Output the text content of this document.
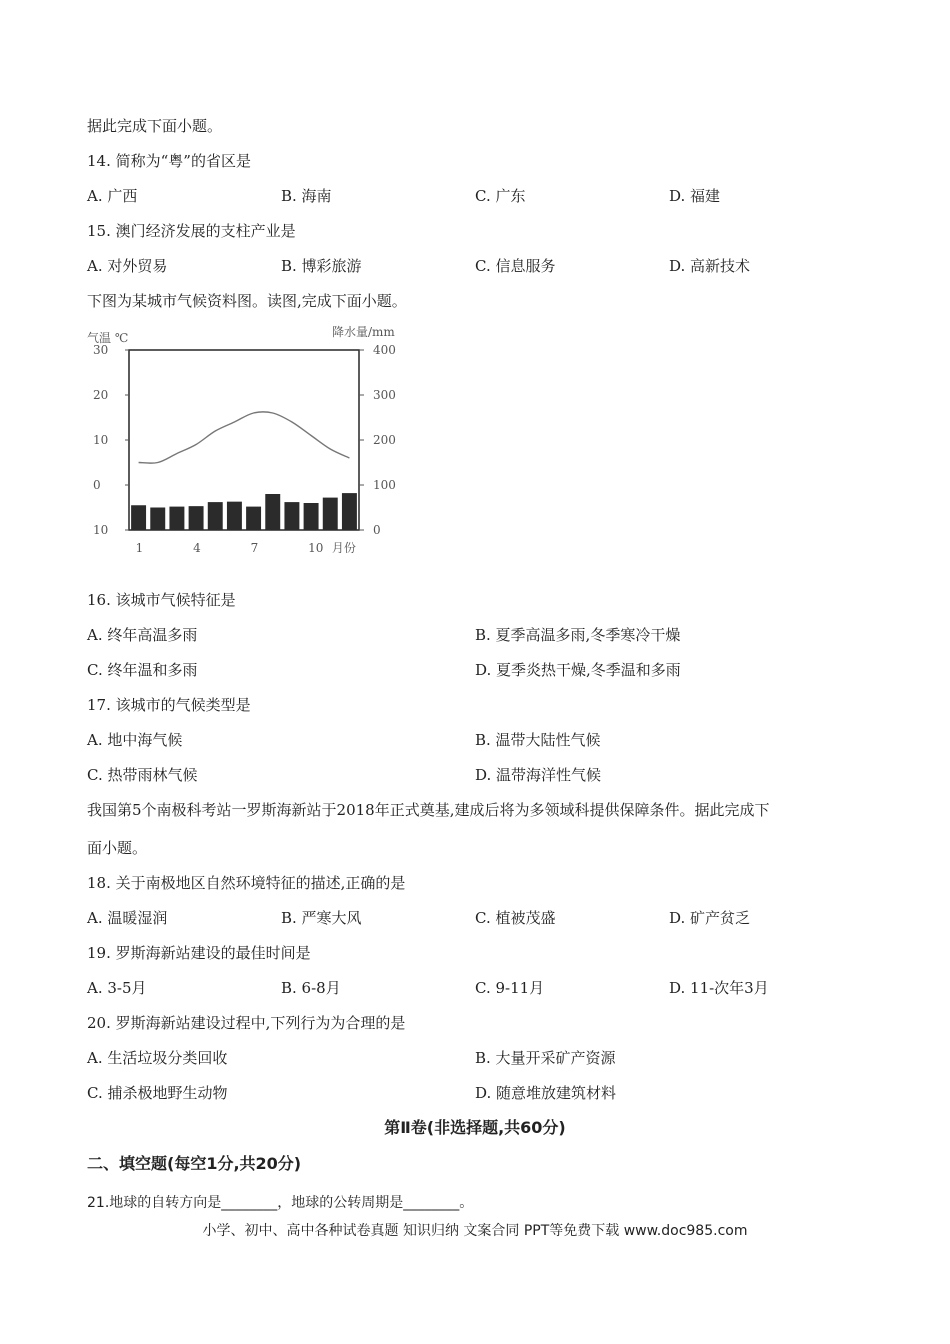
据此完成下面小题。
14. 简称为“粤”的省区是
A. 广西	B. 海南	C. 广东	D. 福建
15. 澳门经济发展的支柱产业是
A. 对外贸易	B. 博彩旅游	C. 信息服务	D. 高新技术
下图为某城市气候资料图。读图,完成下面小题。
气温 ℃	降水量/mm
30
20
10
0
10
400
300
200
100
0
1	4	7	10 月份
16. 该城市气候特征是
A. 终年高温多雨	B. 夏季高温多雨,冬季寒冷干燥
C. 终年温和多雨	D. 夏季炎热干燥,冬季温和多雨
17. 该城市的气候类型是
A. 地中海气候	B. 温带大陆性气候
C. 热带雨林气候	D. 温带海洋性气候
我国第5个南极科考站一罗斯海新站于2018年正式奠基,建成后将为多领域科提供保障条件。据此完成下
面小题。
18. 关于南极地区自然环境特征的描述,正确的是
A. 温暖湿润	B. 严寒大风	C. 植被茂盛	D. 矿产贫乏
19. 罗斯海新站建设的最佳时间是
A. 3-5月	B. 6-8月	C. 9-11月	D. 11-次年3月
20. 罗斯海新站建设过程中,下列行为为合理的是
A. 生活垃圾分类回收	B. 大量开采矿产资源
C. 捕杀极地野生动物	D. 随意堆放建筑材料
第Ⅱ卷(非选择题,共60分)
二、填空题(每空1分,共20分)
21.地球的自转方向是________，地球的公转周期是________。
小学、初中、高中各种试卷真题 知识归纳 文案合同 PPT等免费下载 www.doc985.com
